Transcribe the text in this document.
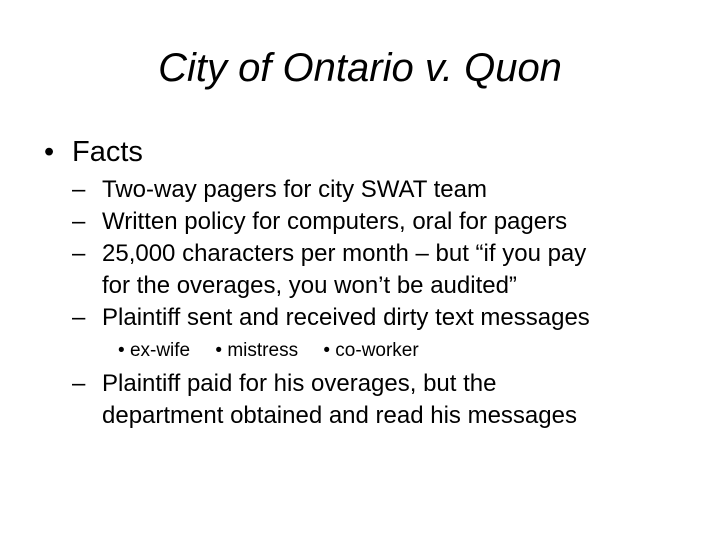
City of Ontario v. Quon
• Facts
– Two-way pagers for city SWAT team
– Written policy for computers, oral for pagers
– 25,000 characters per month – but “if you pay
for the overages, you won’t be audited”
– Plaintiff sent and received dirty text messages
• ex-wife • mistress • co-worker
– Plaintiff paid for his overages, but the
department obtained and read his messages
